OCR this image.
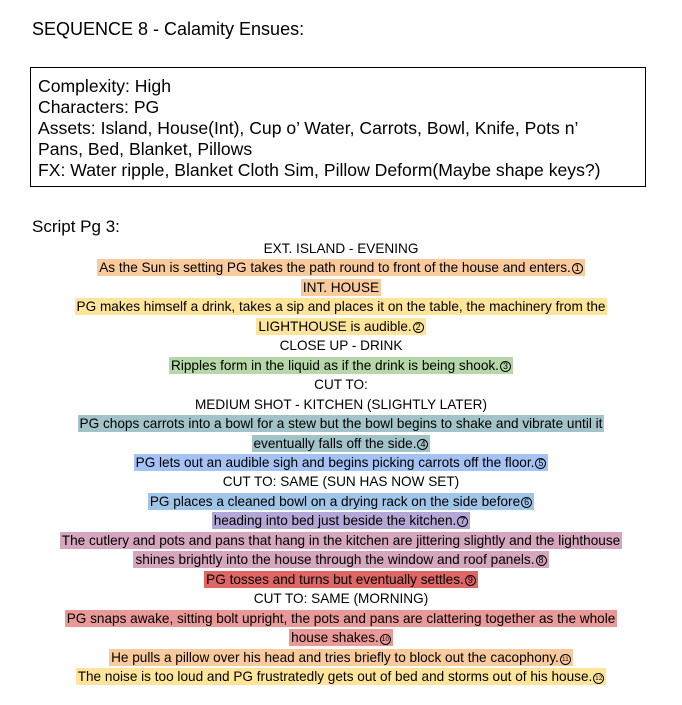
SEQUENCE 8 - Calamity Ensues:
Complexity: High
Characters: PG
Assets: Island, House(Int), Cup o’ Water, Carrots, Bowl, Knife, Pots n’
Pans, Bed, Blanket, Pillows
FX: Water ripple, Blanket Cloth Sim, Pillow Deform(Maybe shape keys?)
Script Pg 3:
EXT. ISLAND - EVENING
As the Sun is setting PG takes the path round to front of the house and enters. 1
INT. HOUSE
PG makes himself a drink, takes a sip and places it on the table, the machinery from the
LIGHTHOUSE is audible. 2
CLOSE UP - DRINK
Ripples form in the liquid as if the drink is being shook. 3
CUT TO:
MEDIUM SHOT - KITCHEN (SLIGHTLY LATER)
PG chops carrots into a bowl for a stew but the bowl begins to shake and vibrate until it
eventually falls off the side. 4
PG lets out an audible sigh and begins picking carrots off the floor. 5
CUT TO: SAME (SUN HAS NOW SET)
PG places a cleaned bowl on a drying rack on the side before 6
heading into bed just beside the kitchen. 7
The cutlery and pots and pans that hang in the kitchen are jittering slightly and the lighthouse
shines brightly into the house through the window and roof panels. 8
PG tosses and turns but eventually settles. 9
CUT TO: SAME (MORNING)
PG snaps awake, sitting bolt upright, the pots and pans are clattering together as the whole
house shakes. 10
He pulls a pillow over his head and tries briefly to block out the cacophony. 11
The noise is too loud and PG frustratedly gets out of bed and storms out of his house. 12
